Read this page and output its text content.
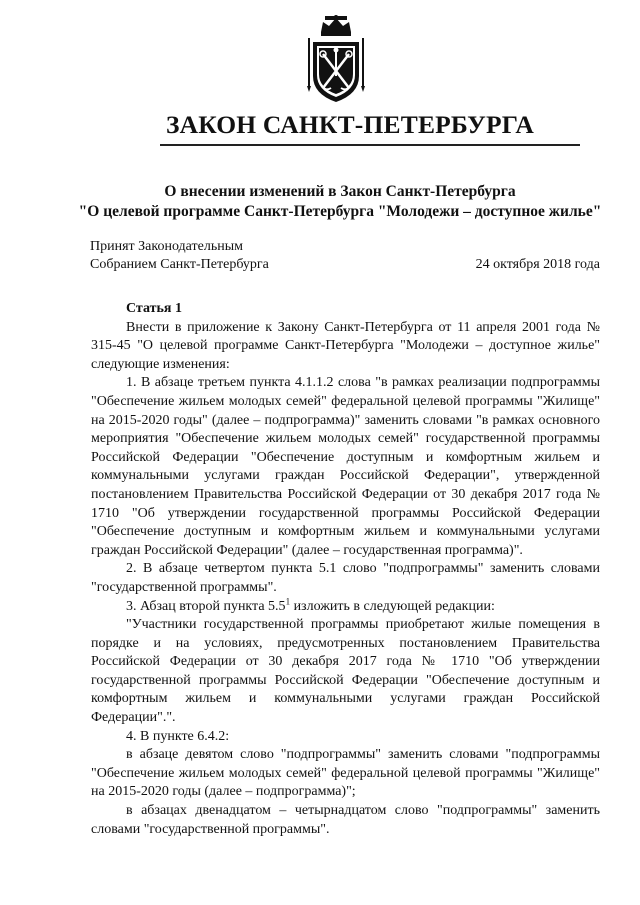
ЗАКОН САНКТ-ПЕТЕРБУРГА
О внесении изменений в Закон Санкт-Петербурга
"О целевой программе Санкт-Петербурга "Молодежи – доступное жилье"
Принят Законодательным
Собранием Санкт-Петербурга	24 октября 2018 года

Статья 1

Внести в приложение к Закону Санкт-Петербурга от 11 апреля 2001 года № 315-45 "О целевой программе Санкт-Петербурга "Молодежи – доступное жилье" следующие изменения:

1. В абзаце третьем пункта 4.1.1.2 слова "в рамках реализации подпрограммы "Обеспечение жильем молодых семей" федеральной целевой программы "Жилище" на 2015-2020 годы" (далее – подпрограмма)" заменить словами "в рамках основного мероприятия "Обеспечение жильем молодых семей" государственной программы Российской Федерации "Обеспечение доступным и комфортным жильем и коммунальными услугами граждан Российской Федерации", утвержденной постановлением Правительства Российской Федерации от 30 декабря 2017 года № 1710 "Об утверждении государственной программы Российской Федерации "Обеспечение доступным и комфортным жильем и коммунальными услугами граждан Российской Федерации" (далее – государственная программа)".

2. В абзаце четвертом пункта 5.1 слово "подпрограммы" заменить словами "государственной программы".

3. Абзац второй пункта $5.5^1$ изложить в следующей редакции:

"Участники государственной программы приобретают жилые помещения в порядке и на условиях, предусмотренных постановлением Правительства Российской Федерации от 30 декабря 2017 года № 1710 "Об утверждении государственной программы Российской Федерации "Обеспечение доступным и комфортным жильем и коммунальными услугами граждан Российской Федерации".".

4. В пункте 6.4.2:

в абзаце девятом слово "подпрограммы" заменить словами "подпрограммы "Обеспечение жильем молодых семей" федеральной целевой программы "Жилище" на 2015-2020 годы (далее – подпрограмма)";

в абзацах двенадцатом – четырнадцатом слово "подпрограммы" заменить словами "государственной программы".
